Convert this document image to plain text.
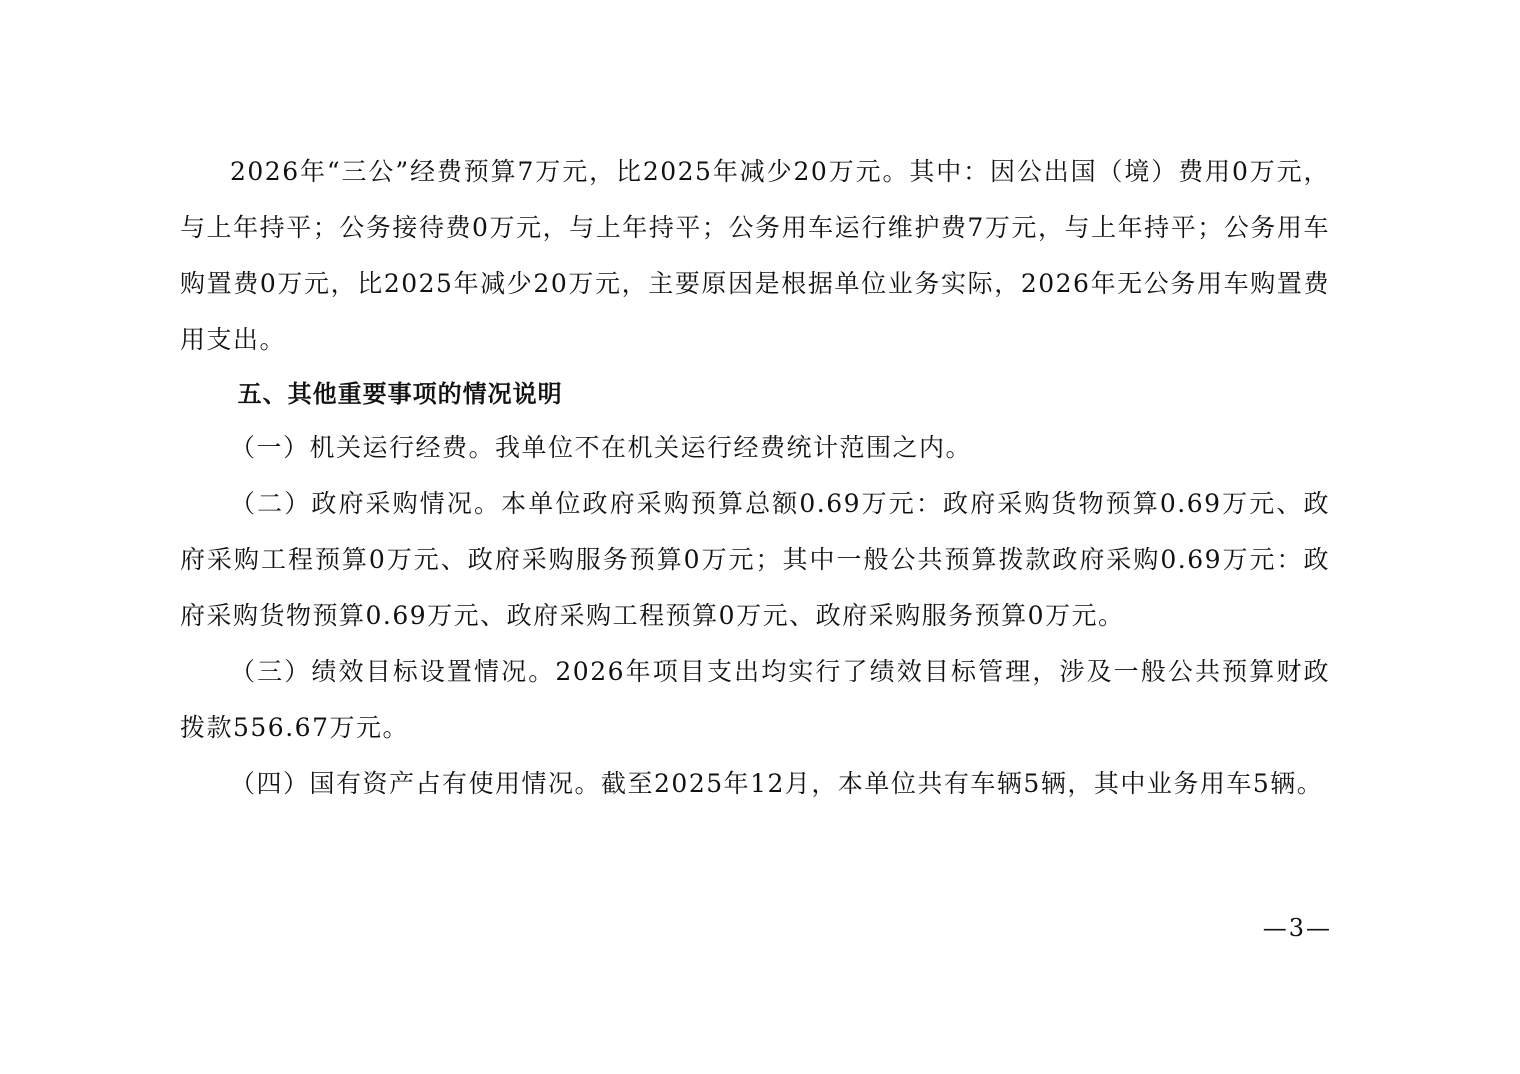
2026年“三公”经费预算7万元，比2025年减少20万元。其中：因公出国（境）费用0万元，与上年持平；公务接待费0万元，与上年持平；公务用车运行维护费7万元，与上年持平；公务用车购置费0万元，比2025年减少20万元，主要原因是根据单位业务实际，2026年无公务用车购置费用支出。

五、其他重要事项的情况说明

（一）机关运行经费。我单位不在机关运行经费统计范围之内。

（二）政府采购情况。本单位政府采购预算总额0.69万元：政府采购货物预算0.69万元、政府采购工程预算0万元、政府采购服务预算0万元；其中一般公共预算拨款政府采购0.69万元：政府采购货物预算0.69万元、政府采购工程预算0万元、政府采购服务预算0万元。

（三）绩效目标设置情况。2026年项目支出均实行了绩效目标管理，涉及一般公共预算财政拨款556.67万元。

（四）国有资产占有使用情况。截至2025年12月，本单位共有车辆5辆，其中业务用车5辆。

—3—
